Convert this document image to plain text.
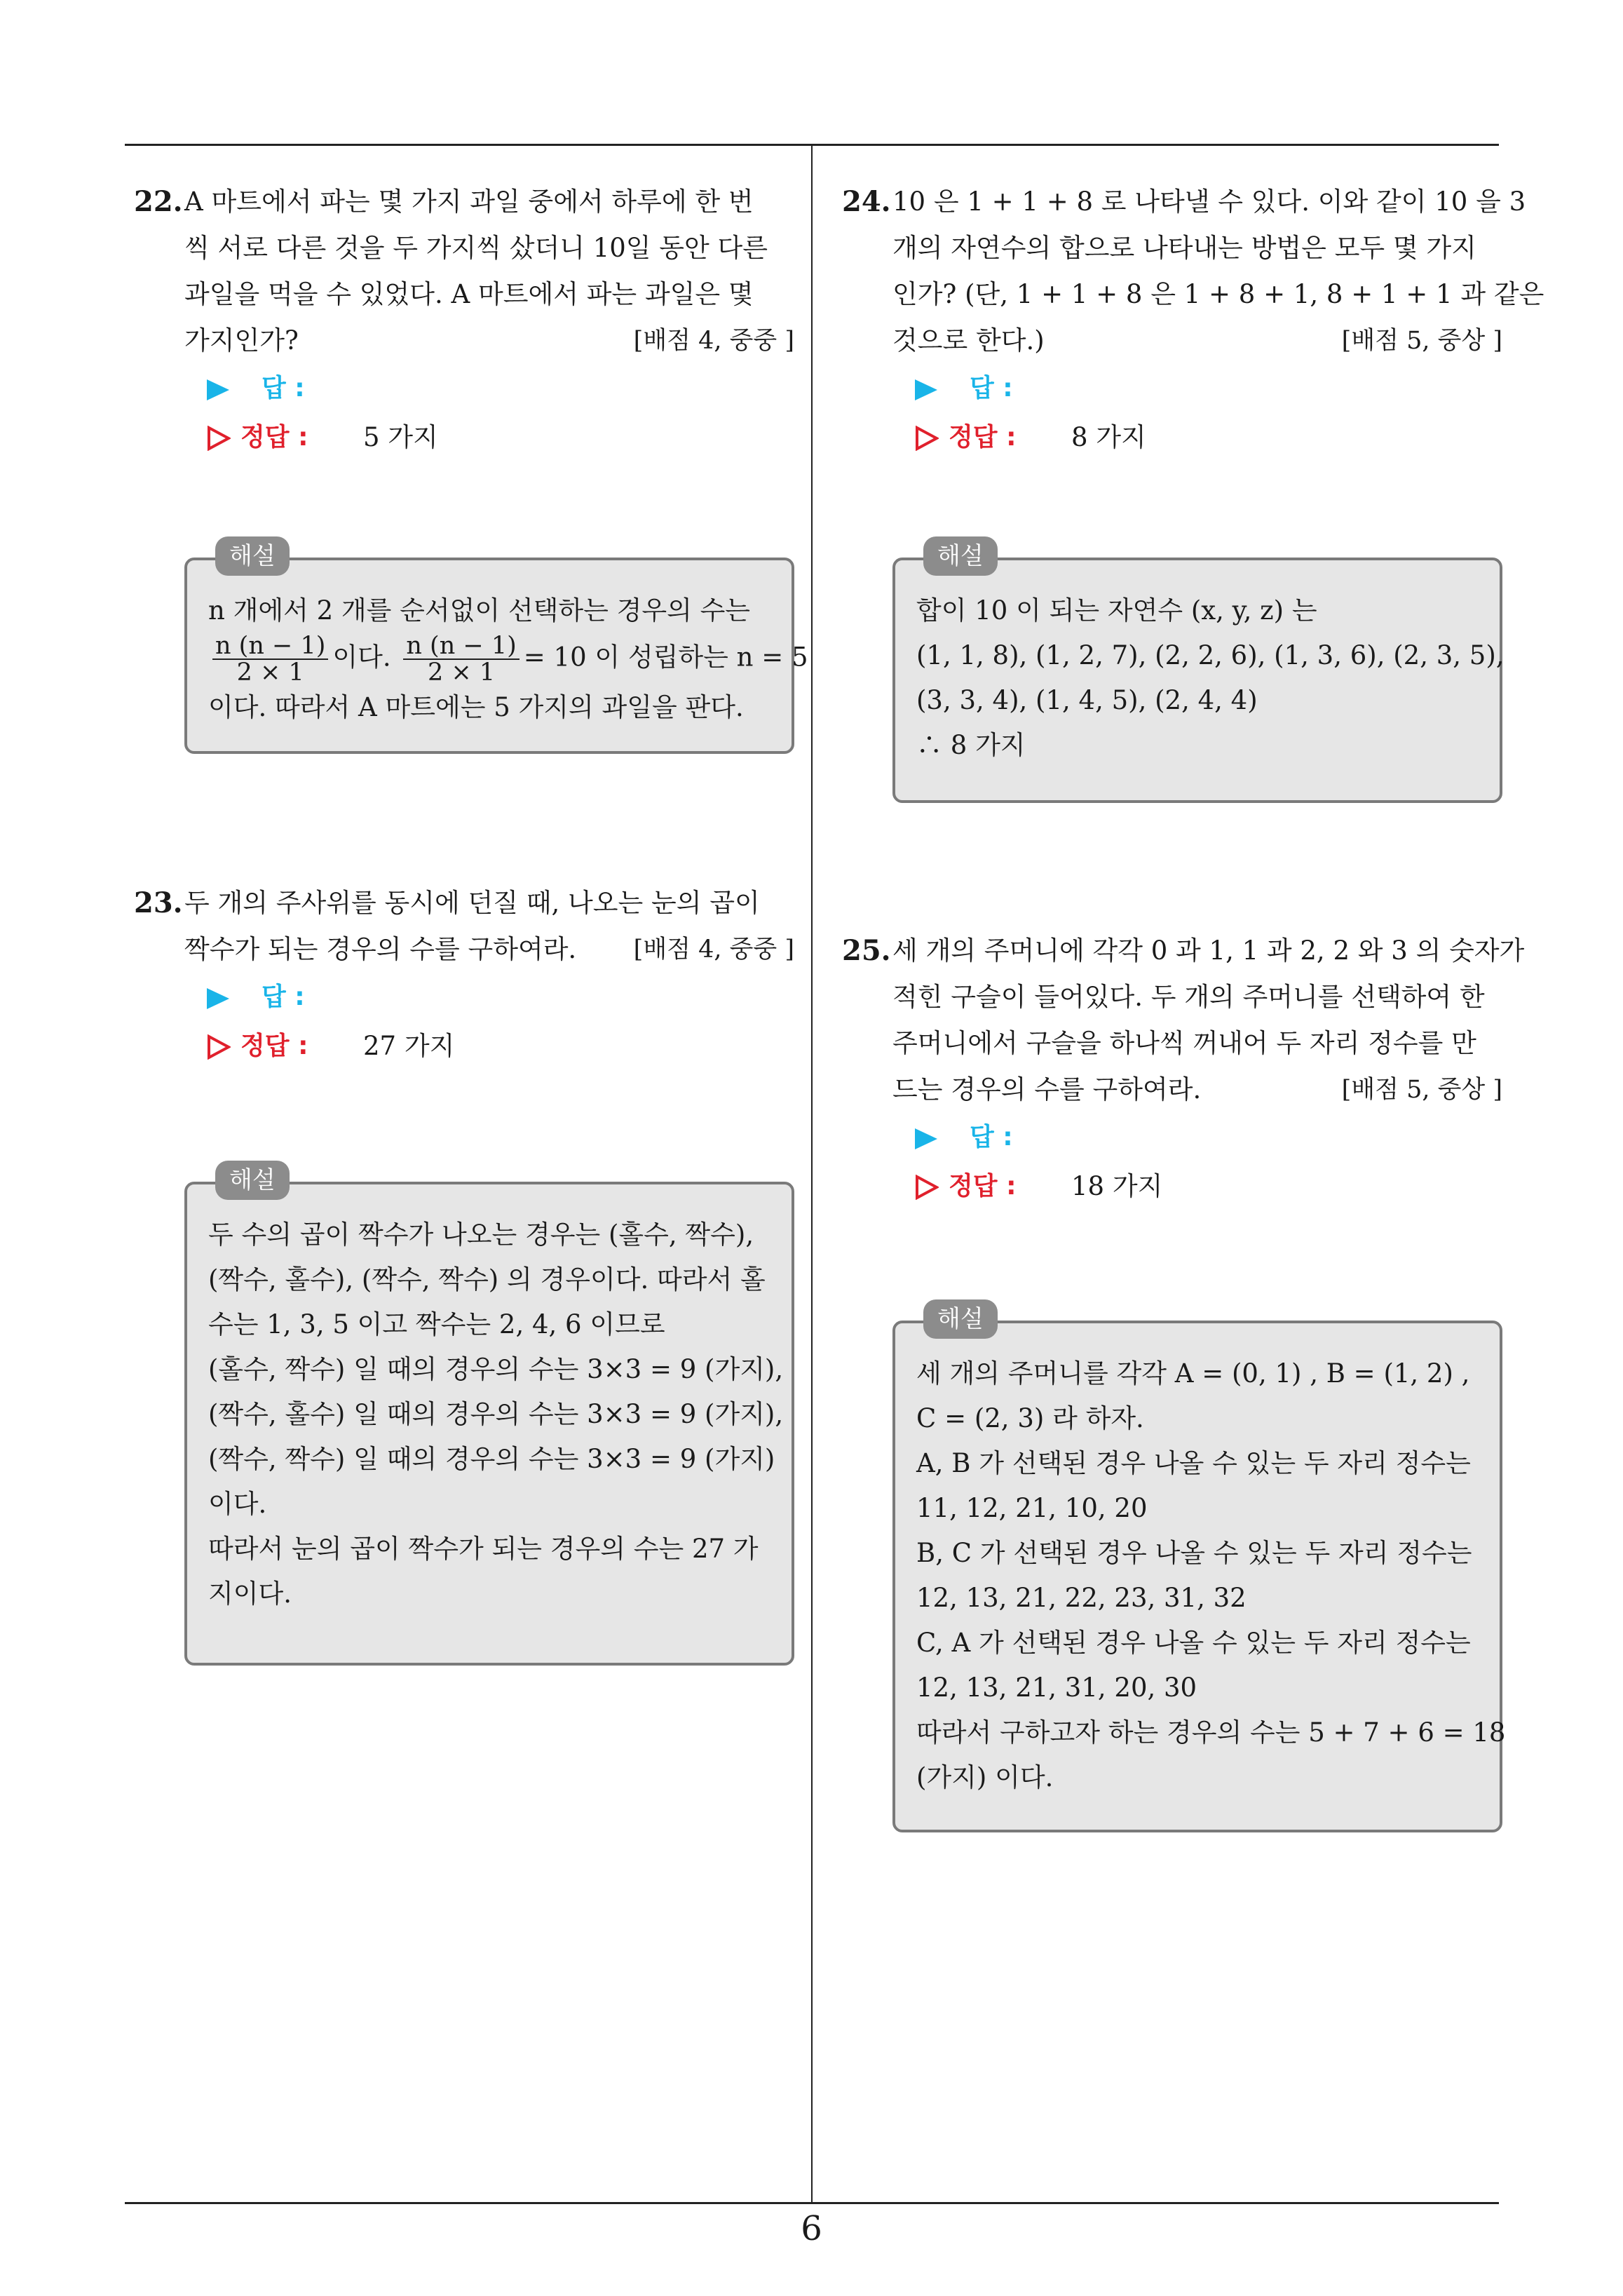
22. A 마트에서 파는 몇 가지 과일 중에서 하루에 한 번
씩 서로 다른 것을 두 가지씩 샀더니 10일 동안 다른
과일을 먹을 수 있었다. A 마트에서 파는 과일은 몇
가지인가?	[배점 4, 중중 ]
답 :
정답 : 5 가지
해설
n 개에서 2 개를 순서없이 선택하는 경우의 수는
$\frac{n (n - 1)}{2 \times 1}$ 이다. $\frac{n (n - 1)}{2 \times 1} = 10$ 이 성립하는 n = 5
이다. 따라서 A 마트에는 5 가지의 과일을 판다.
23. 두 개의 주사위를 동시에 던질 때, 나오는 눈의 곱이
짝수가 되는 경우의 수를 구하여라. [배점 4, 중중 ]
답 :
정답 : 27 가지
해설
두 수의 곱이 짝수가 나오는 경우는 (홀수, 짝수),
(짝수, 홀수), (짝수, 짝수) 의 경우이다. 따라서 홀
수는 1, 3, 5 이고 짝수는 2, 4, 6 이므로
(홀수, 짝수) 일 때의 경우의 수는 3×3 = 9 (가지),
(짝수, 홀수) 일 때의 경우의 수는 3×3 = 9 (가지),
(짝수, 짝수) 일 때의 경우의 수는 3×3 = 9 (가지)
이다.
따라서 눈의 곱이 짝수가 되는 경우의 수는 27 가
지이다.
24. 10 은 1 + 1 + 8 로 나타낼 수 있다. 이와 같이 10 을 3
개의 자연수의 합으로 나타내는 방법은 모두 몇 가지
인가? (단, 1 + 1 + 8 은 1 + 8 + 1, 8 + 1 + 1 과 같은
것으로 한다.)	[배점 5, 중상 ]
답 :
정답 : 8 가지
해설
합이 10 이 되는 자연수 (x, y, z) 는
(1, 1, 8), (1, 2, 7), (2, 2, 6), (1, 3, 6), (2, 3, 5),
(3, 3, 4), (1, 4, 5), (2, 4, 4)
∴ 8 가지
25. 세 개의 주머니에 각각 0 과 1, 1 과 2, 2 와 3 의 숫자가
적힌 구슬이 들어있다. 두 개의 주머니를 선택하여 한
주머니에서 구슬을 하나씩 꺼내어 두 자리 정수를 만
드는 경우의 수를 구하여라.	[배점 5, 중상 ]
답 :
정답 : 18 가지
해설
세 개의 주머니를 각각 A = (0, 1) , B = (1, 2) ,
C = (2, 3) 라 하자.
A, B 가 선택된 경우 나올 수 있는 두 자리 정수는
11, 12, 21, 10, 20
B, C 가 선택된 경우 나올 수 있는 두 자리 정수는
12, 13, 21, 22, 23, 31, 32
C, A 가 선택된 경우 나올 수 있는 두 자리 정수는
12, 13, 21, 31, 20, 30
따라서 구하고자 하는 경우의 수는 5 + 7 + 6 = 18
(가지) 이다.
6
